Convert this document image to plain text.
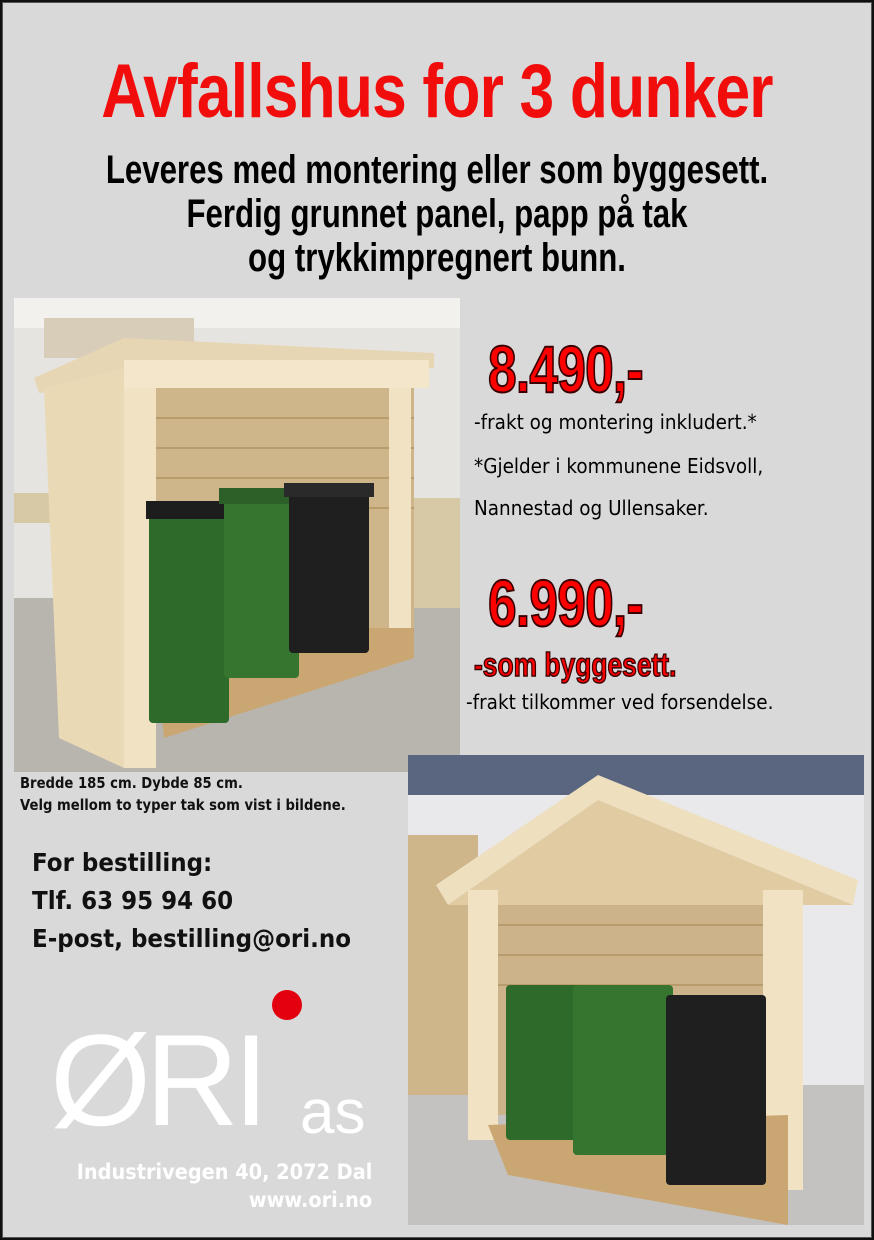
Avfallshus for 3 dunker
Leveres med montering eller som byggesett.
Ferdig grunnet panel, papp på tak
og trykkimpregnert bunn.
8.490,-
-frakt og montering inkludert.*
*Gjelder i kommunene Eidsvoll,
Nannestad og Ullensaker.
6.990,-
-som byggesett.
-frakt tilkommer ved forsendelse.
Bredde 185 cm. Dybde 85 cm.
Velg mellom to typer tak som vist i bildene.
For bestilling:
Tlf. 63 95 94 60
E-post, bestilling@ori.no
ØRI as
Industrivegen 40, 2072 Dal
www.ori.no
